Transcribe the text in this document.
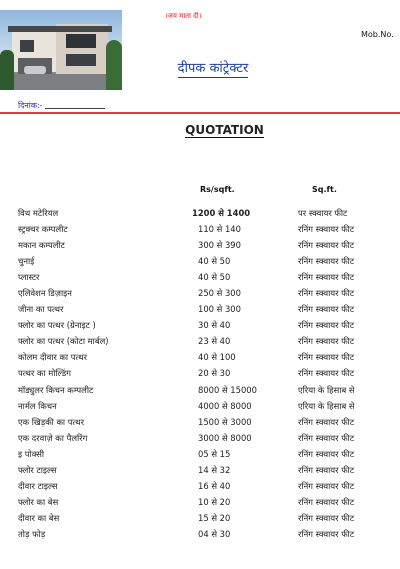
।जय माता दी।
Mob.No.
दीपक कांट्रेक्टर
दिनांक:-
QUOTATION
Rs/sqft.	Sq.ft.
विथ मटेरियल	1200 से 1400	पर स्क्वायर फीट
स्ट्रक्चर कम्पलीट	110 से 140	रनिंग स्क्वायर फीट
मकान कम्पलीट	300 से 390	रनिंग स्क्वायर फीट
चुनाई	40 से 50	रनिंग स्क्वायर फीट
प्लास्टर	40 से 50	रनिंग स्क्वायर फीट
एलिवेशन डिज़ाइन	250 से 300	रनिंग स्क्वायर फीट
जीना का पत्थर	100 से 300	रनिंग स्क्वायर फीट
फ्लोर का पत्थर (ग्रेनाइट )	30 से 40	रनिंग स्क्वायर फीट
फ्लोर का पत्थर (कोटा मार्बल)	23 से 40	रनिंग स्क्वायर फीट
कोलम दीवार का पत्थर	40 से 100	रनिंग स्क्वायर फीट
पत्थर का मोल्डिंग	20 से 30	रनिंग स्क्वायर फीट
मॉड्युलर किचन कम्पलीट	8000 से 15000	एरिया के हिसाब से
नार्मल किचन	4000 से 8000	एरिया के हिसाब से
एक खिड़की का पत्थर	1500 से 3000	रनिंग स्क्वायर फीट
एक दरवाज़े का पैलरिंग	3000 से 8000	रनिंग स्क्वायर फीट
इ पोक्सी	05 से 15	रनिंग स्क्वायर फीट
फ्लोर टाइल्स	14 से 32	रनिंग स्क्वायर फीट
दीवार टाइल्स	16 से 40	रनिंग स्क्वायर फीट
फ्लोर का बेस	10 से 20	रनिंग स्क्वायर फीट
दीवार का बेस	15 से 20	रनिंग स्क्वायर फीट
तोड़ फोड़	04 से 30	रनिंग स्क्वायर फीट
